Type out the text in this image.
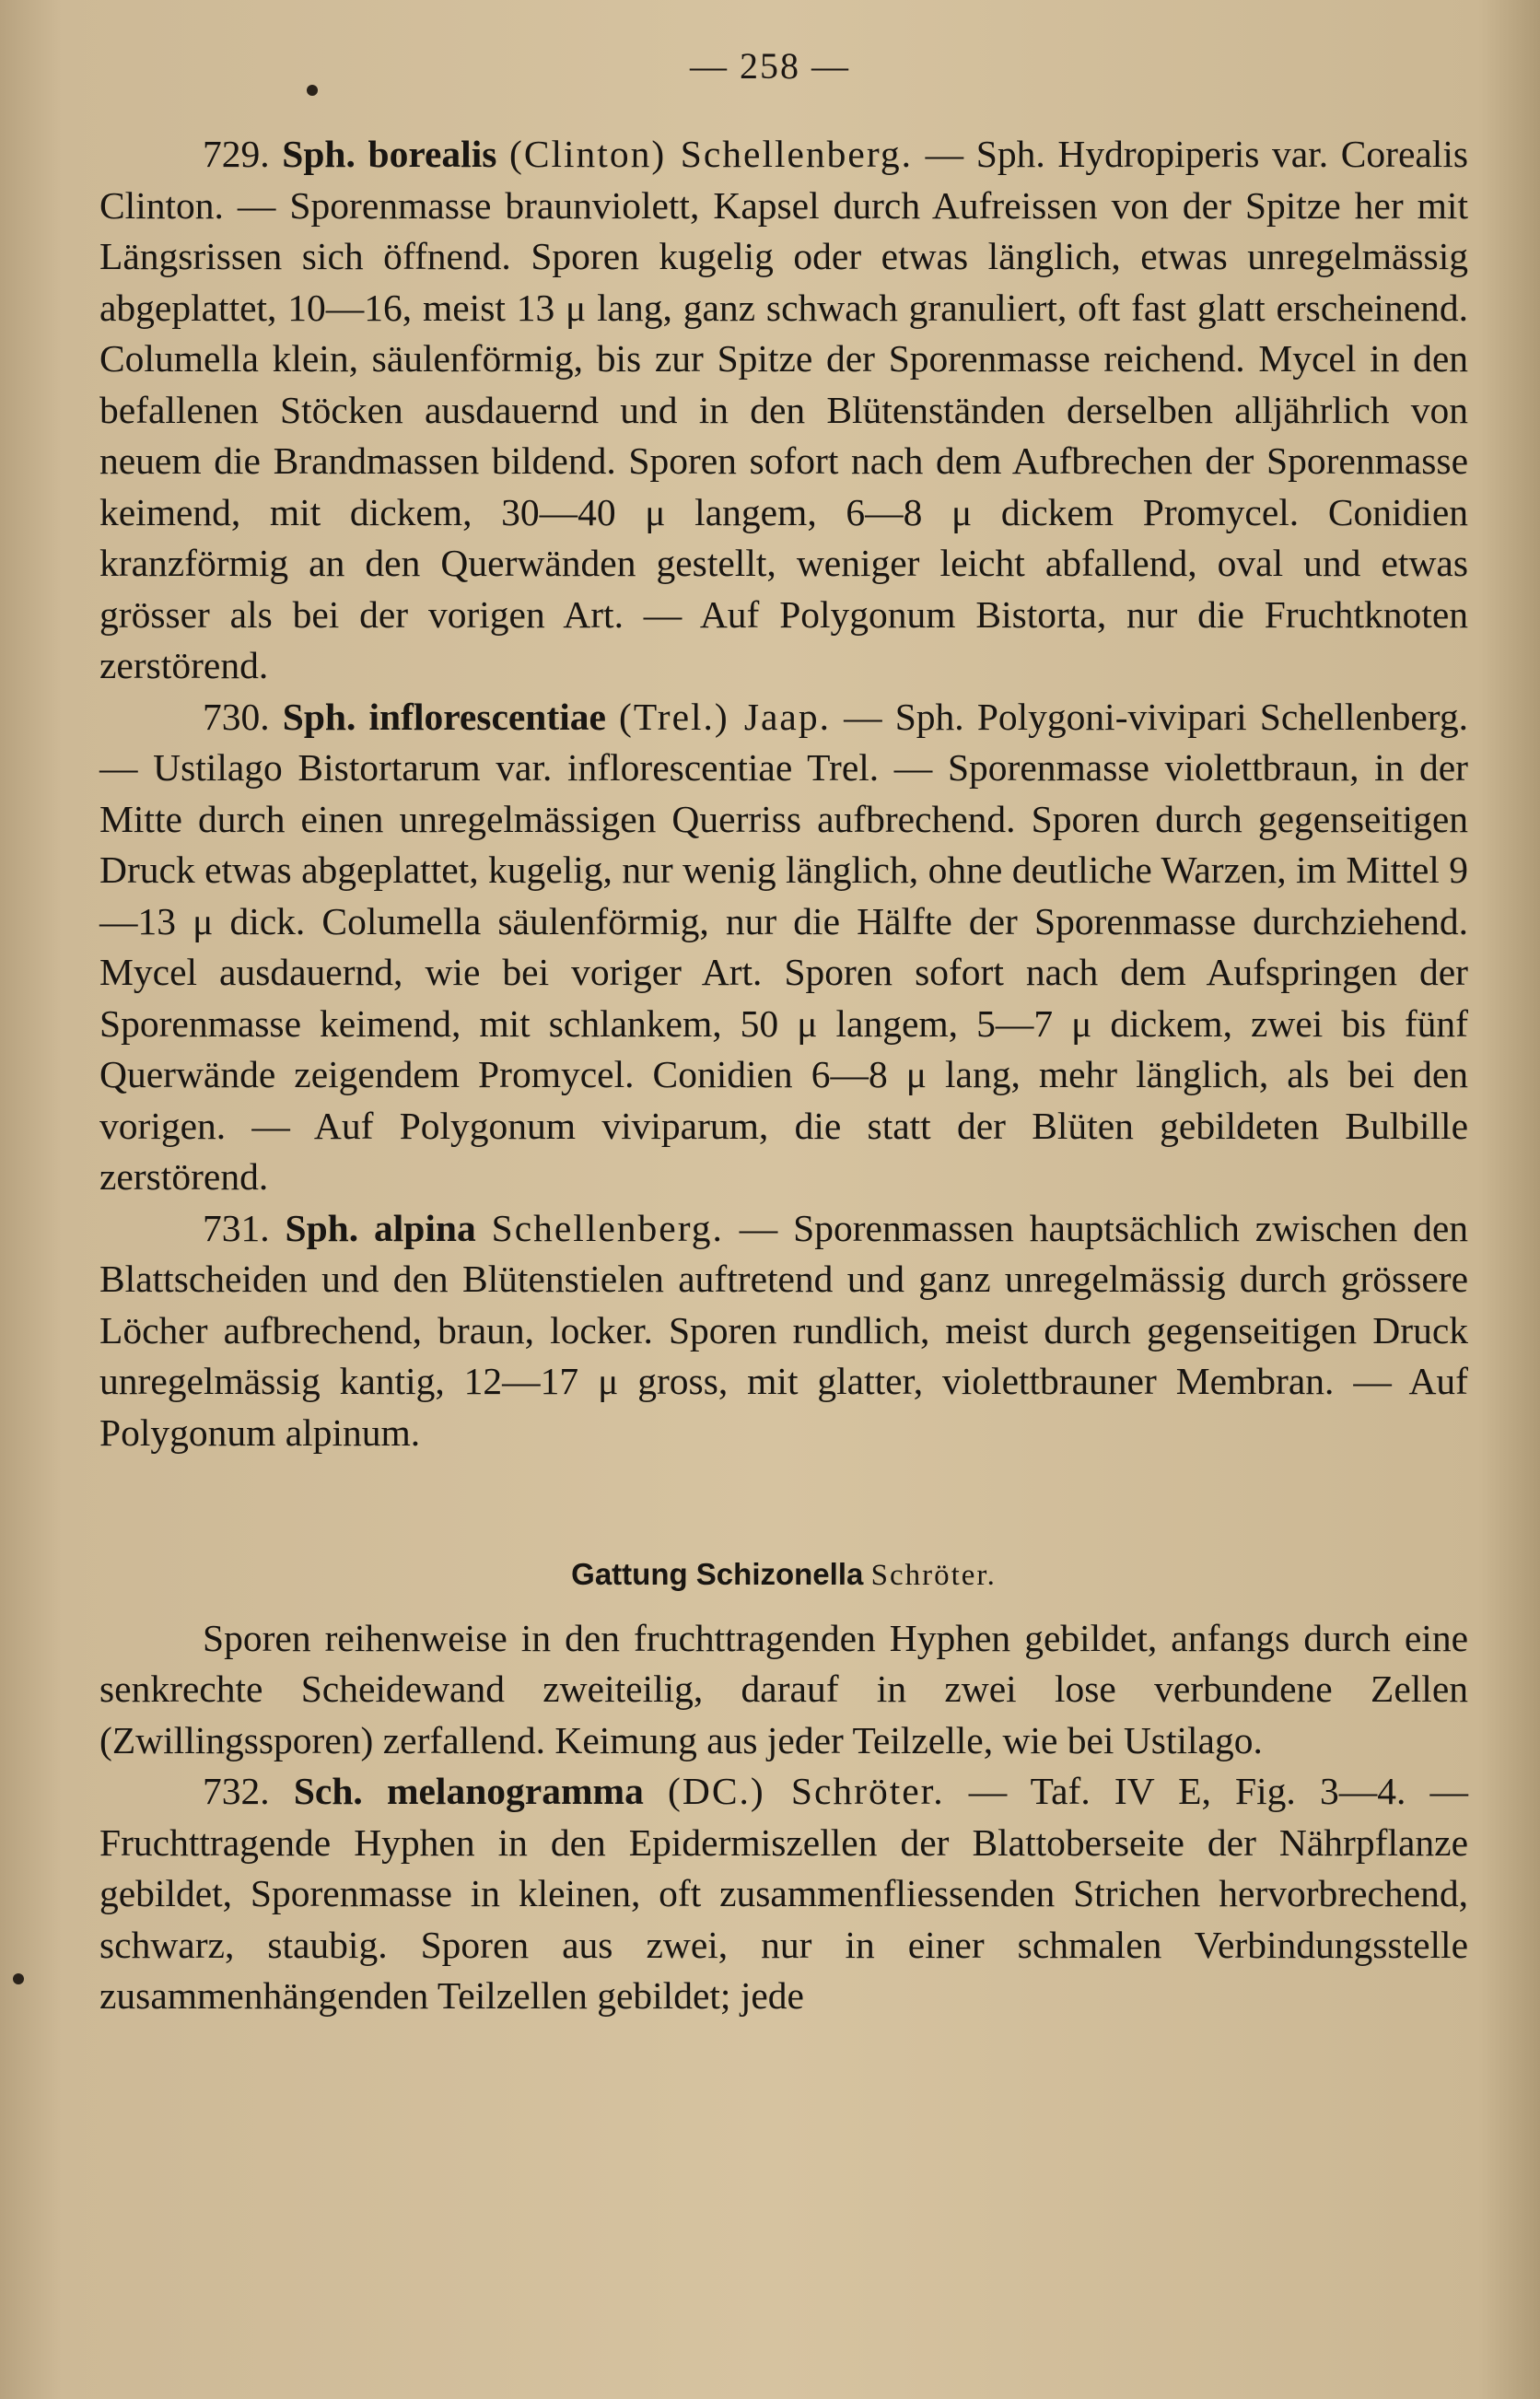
— 258 —

729. Sph. borealis (Clinton) Schellenberg. — Sph. Hydropiperis var. Corealis Clinton. — Sporenmasse braunviolett, Kapsel durch Aufreissen von der Spitze her mit Längsrissen sich öffnend. Sporen kugelig oder etwas länglich, etwas unregelmässig abgeplattet, 10—16, meist 13 μ lang, ganz schwach granuliert, oft fast glatt erscheinend. Columella klein, säulenförmig, bis zur Spitze der Sporenmasse reichend. Mycel in den befallenen Stöcken ausdauernd und in den Blütenständen derselben alljährlich von neuem die Brandmassen bildend. Sporen sofort nach dem Aufbrechen der Sporenmasse keimend, mit dickem, 30—40 μ langem, 6—8 μ dickem Promycel. Conidien kranzförmig an den Querwänden gestellt, weniger leicht abfallend, oval und etwas grösser als bei der vorigen Art. — Auf Polygonum Bistorta, nur die Fruchtknoten zerstörend.

730. Sph. inflorescentiae (Trel.) Jaap. — Sph. Polygoni-vivipari Schellenberg. — Ustilago Bistortarum var. inflorescentiae Trel. — Sporenmasse violettbraun, in der Mitte durch einen unregelmässigen Querriss aufbrechend. Sporen durch gegenseitigen Druck etwas abgeplattet, kugelig, nur wenig länglich, ohne deutliche Warzen, im Mittel 9—13 μ dick. Columella säulenförmig, nur die Hälfte der Sporenmasse durchziehend. Mycel ausdauernd, wie bei voriger Art. Sporen sofort nach dem Aufspringen der Sporenmasse keimend, mit schlankem, 50 μ langem, 5—7 μ dickem, zwei bis fünf Querwände zeigendem Promycel. Conidien 6—8 μ lang, mehr länglich, als bei den vorigen. — Auf Polygonum viviparum, die statt der Blüten gebildeten Bulbille zerstörend.

731. Sph. alpina Schellenberg. — Sporenmassen hauptsächlich zwischen den Blattscheiden und den Blütenstielen auftretend und ganz unregelmässig durch grössere Löcher aufbrechend, braun, locker. Sporen rundlich, meist durch gegenseitigen Druck unregelmässig kantig, 12—17 μ gross, mit glatter, violettbrauner Membran. — Auf Polygonum alpinum.

Gattung Schizonella Schröter.

Sporen reihenweise in den fruchttragenden Hyphen gebildet, anfangs durch eine senkrechte Scheidewand zweiteilig, darauf in zwei lose verbundene Zellen (Zwillingssporen) zerfallend. Keimung aus jeder Teilzelle, wie bei Ustilago.

732. Sch. melanogramma (DC.) Schröter. — Taf. IV E, Fig. 3—4. — Fruchttragende Hyphen in den Epidermiszellen der Blattoberseite der Nährpflanze gebildet, Sporenmasse in kleinen, oft zusammenfliessenden Strichen hervorbrechend, schwarz, staubig. Sporen aus zwei, nur in einer schmalen Verbindungsstelle zusammenhängenden Teilzellen gebildet; jede
